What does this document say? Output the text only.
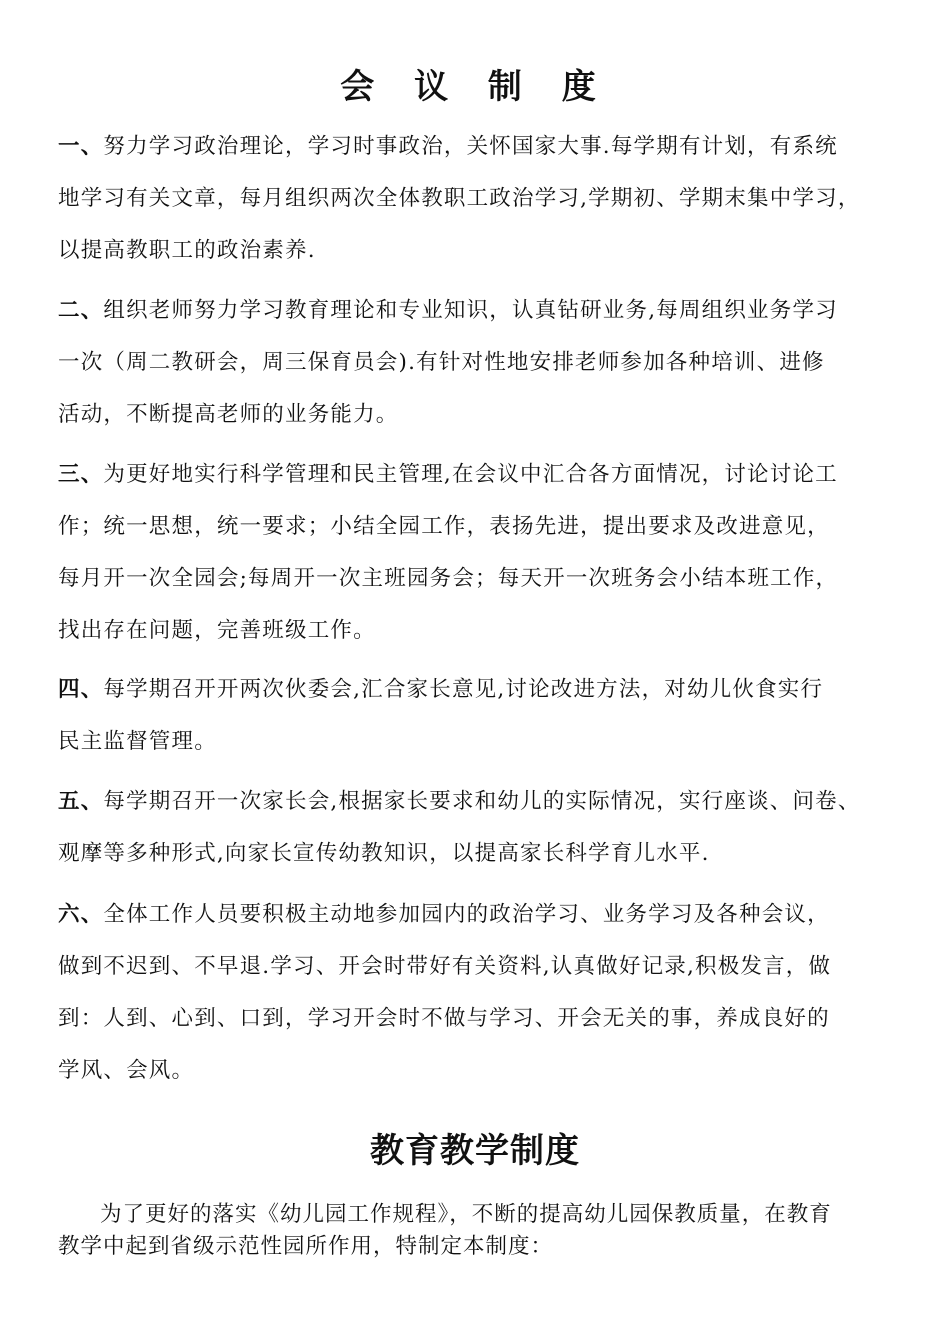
会 议 制 度
一、努力学习政治理论，学习时事政治，关怀国家大事.每学期有计划，有系统
地学习有关文章，每月组织两次全体教职工政治学习,学期初、学期末集中学习，
以提高教职工的政治素养.
二、组织老师努力学习教育理论和专业知识，认真钻研业务,每周组织业务学习
一次（周二教研会，周三保育员会).有针对性地安排老师参加各种培训、进修
活动，不断提高老师的业务能力。
三、为更好地实行科学管理和民主管理,在会议中汇合各方面情况，讨论讨论工
作；统一思想，统一要求；小结全园工作，表扬先进，提出要求及改进意见，
每月开一次全园会;每周开一次主班园务会；每天开一次班务会小结本班工作，
找出存在问题，完善班级工作。
四、每学期召开开两次伙委会,汇合家长意见,讨论改进方法，对幼儿伙食实行
民主监督管理。
五、每学期召开一次家长会,根据家长要求和幼儿的实际情况，实行座谈、问卷、
观摩等多种形式,向家长宣传幼教知识，以提高家长科学育儿水平.
六、全体工作人员要积极主动地参加园内的政治学习、业务学习及各种会议，
做到不迟到、不早退.学习、开会时带好有关资料,认真做好记录,积极发言，做
到：人到、心到、口到，学习开会时不做与学习、开会无关的事，养成良好的
学风、会风。
教育教学制度
为了更好的落实《幼儿园工作规程》，不断的提高幼儿园保教质量，在教育
教学中起到省级示范性园所作用，特制定本制度：
